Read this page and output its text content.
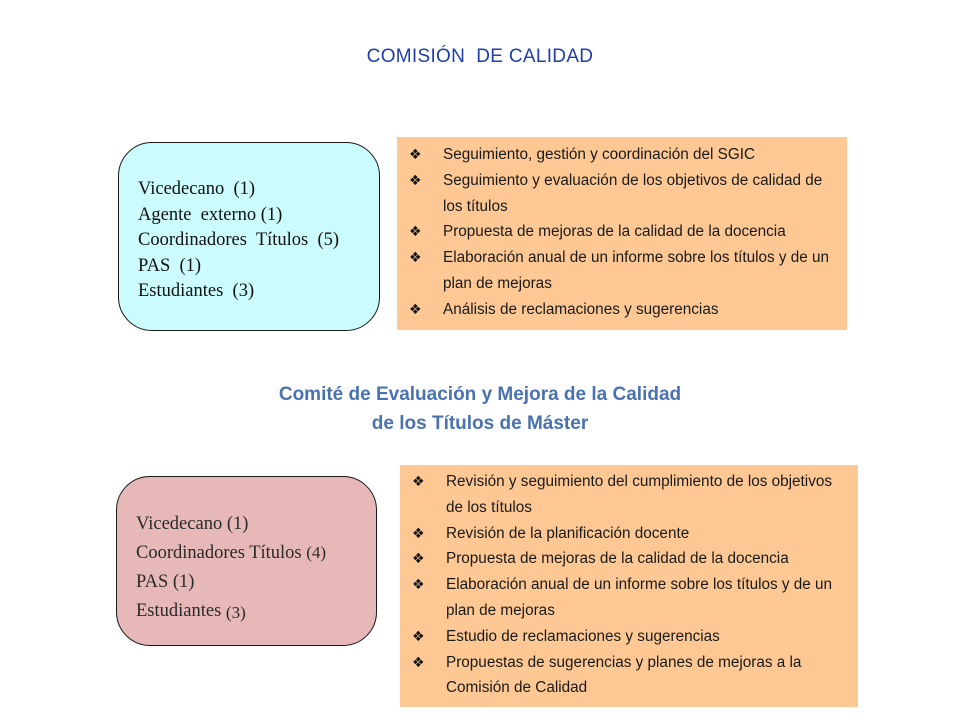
COMISIÓN  DE CALIDAD
Vicedecano  (1)
Agente  externo (1)
Coordinadores  Títulos  (5)
PAS  (1)
Estudiantes  (3)
❖ Seguimiento, gestión y coordinación del SGIC
❖ Seguimiento y evaluación de los objetivos de calidad de los títulos
❖ Propuesta de mejoras de la calidad de la docencia
❖ Elaboración anual de un informe sobre los títulos y de un plan de mejoras
❖ Análisis de reclamaciones y sugerencias
Comité de Evaluación y Mejora de la Calidad
de los Títulos de Máster
Vicedecano (1)
Coordinadores Títulos (4)
PAS (1)
Estudiantes (3)
❖ Revisión y seguimiento del cumplimiento de los objetivos de los títulos
❖ Revisión de la planificación docente
❖ Propuesta de mejoras de la calidad de la docencia
❖ Elaboración anual de un informe sobre los títulos y de un plan de mejoras
❖ Estudio de reclamaciones y sugerencias
❖ Propuestas de sugerencias y planes de mejoras a la Comisión de Calidad
